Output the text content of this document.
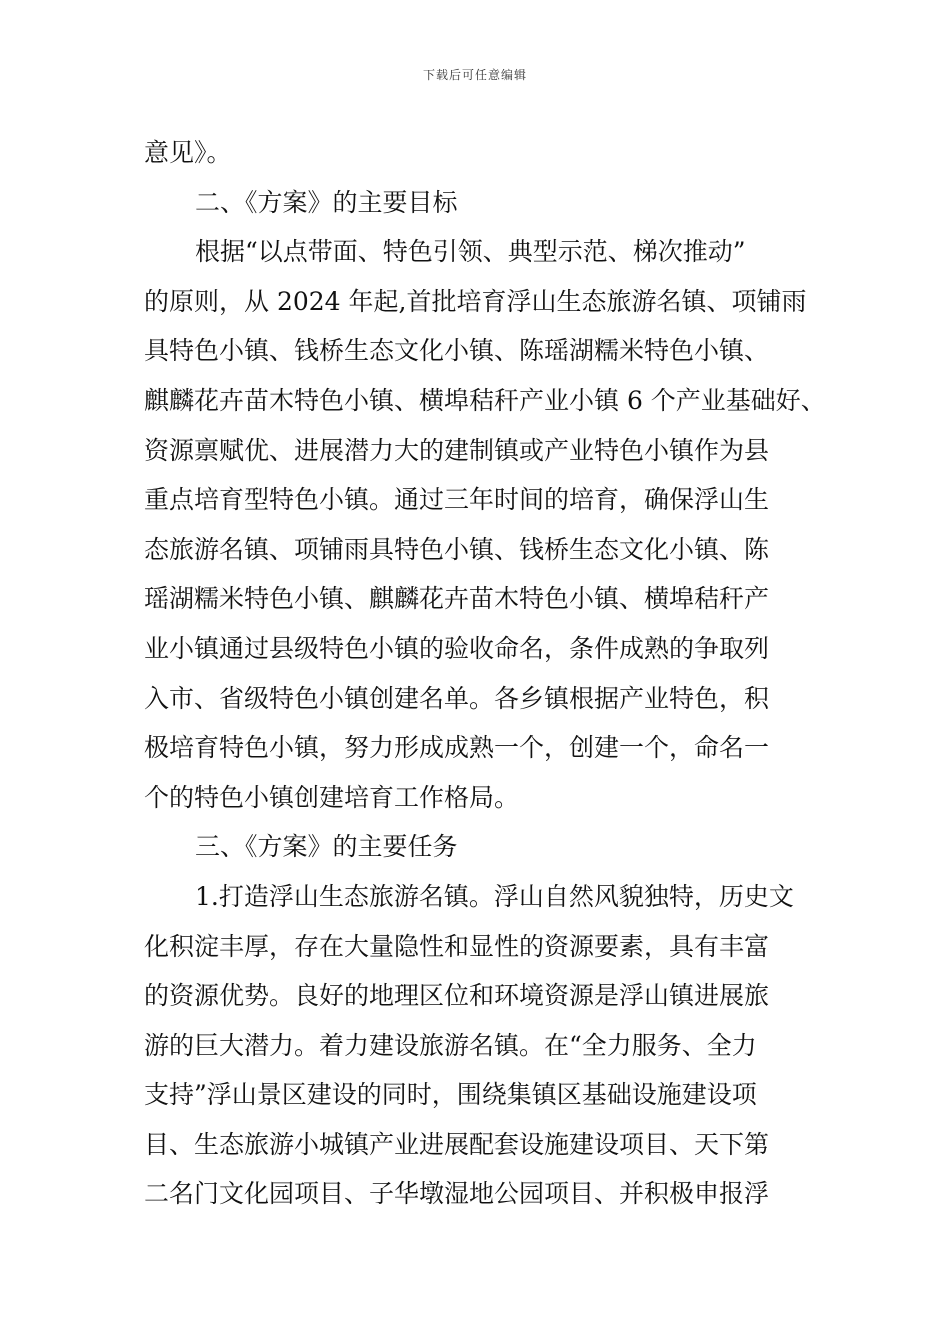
下载后可任意编辑
意见》。
二、《方案》的主要目标
根据“以点带面、特色引领、典型示范、梯次推动”
的原则，从 2024 年起,首批培育浮山生态旅游名镇、项铺雨
具特色小镇、钱桥生态文化小镇、陈瑶湖糯米特色小镇、
麒麟花卉苗木特色小镇、横埠秸秆产业小镇 6 个产业基础好、
资源禀赋优、进展潜力大的建制镇或产业特色小镇作为县
重点培育型特色小镇。通过三年时间的培育，确保浮山生
态旅游名镇、项铺雨具特色小镇、钱桥生态文化小镇、陈
瑶湖糯米特色小镇、麒麟花卉苗木特色小镇、横埠秸秆产
业小镇通过县级特色小镇的验收命名，条件成熟的争取列
入市、省级特色小镇创建名单。各乡镇根据产业特色，积
极培育特色小镇，努力形成成熟一个，创建一个，命名一
个的特色小镇创建培育工作格局。
三、《方案》的主要任务
1.打造浮山生态旅游名镇。浮山自然风貌独特，历史文
化积淀丰厚，存在大量隐性和显性的资源要素，具有丰富
的资源优势。良好的地理区位和环境资源是浮山镇进展旅
游的巨大潜力。着力建设旅游名镇。在“全力服务、全力
支持”浮山景区建设的同时，围绕集镇区基础设施建设项
目、生态旅游小城镇产业进展配套设施建设项目、天下第
二名门文化园项目、子华墩湿地公园项目、并积极申报浮
